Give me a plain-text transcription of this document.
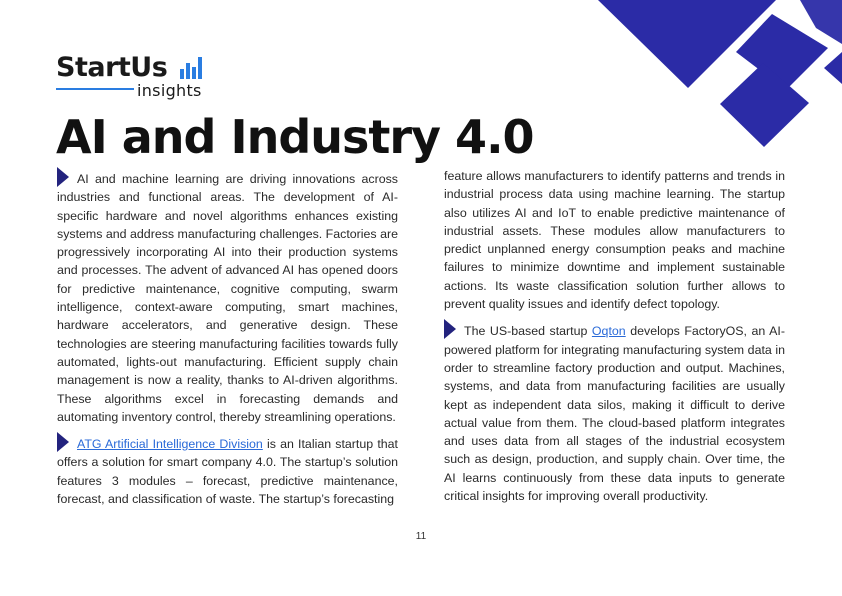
StartUs
insights
AI and Industry 4.0

AI and machine learning are driving innovations across industries and functional areas. The development of AI-specific hardware and novel algorithms enhances existing systems and address manufacturing challenges. Factories are progressively incorporating AI into their production systems and processes. The advent of advanced AI has opened doors for predictive maintenance, cognitive computing, swarm intelligence, context-aware computing, smart machines, hardware accelerators, and generative design. These technologies are steering manufacturing facilities towards fully automated, lights-out manufacturing. Efficient supply chain management is now a reality, thanks to AI-driven algorithms. These algorithms excel in forecasting demands and automating inventory control, thereby streamlining operations.

ATG Artificial Intelligence Division is an Italian startup that offers a solution for smart company 4.0. The startup’s solution features 3 modules – forecast, predictive maintenance, forecast, and classification of waste. The startup’s forecasting

feature allows manufacturers to identify patterns and trends in industrial process data using machine learning. The startup also utilizes AI and IoT to enable predictive maintenance of industrial assets. These modules allow manufacturers to predict unplanned energy consumption peaks and machine failures to minimize downtime and implement sustainable actions. Its waste classification solution further allows to prevent quality issues and identify defect topology.

The US-based startup Oqton develops FactoryOS, an AI-powered platform for integrating manufacturing system data in order to streamline factory production and output. Machines, systems, and data from manufacturing facilities are usually kept as independent data silos, making it difficult to derive actual value from them. The cloud-based platform integrates and uses data from all stages of the industrial ecosystem such as design, production, and supply chain. Over time, the AI learns continuously from these data inputs to generate critical insights for improving overall productivity.

11
